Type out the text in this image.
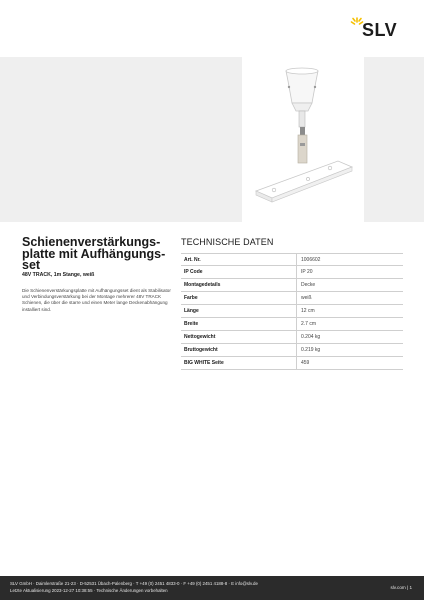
SLV
Schienenverstärkungs-
platte mit Aufhängungs-
set
48V TRACK, 1m Stange, weiß
Die Schienenverstärkungsplatte mit Aufhängungsset dient als Stabilisator und Verbindungsverstärkung bei der Montage mehrerer 48V TRACK Schienen, die über die starre und einen Meter lange Deckenabhängung installiert sind.
TECHNISCHE DATEN
Art. Nr.	1006602
IP Code	IP 20
Montagedetails	Decke
Farbe	weiß
Länge	12 cm
Breite	2.7 cm
Nettogewicht	0.204 kg
Bruttogewicht	0.219 kg
BIG WHITE Seite	459
SLV GmbH · Daimlerstraße 21-23 · D-52531 Übach-Palenberg · T +49 (0) 2451 4833-0 · F +49 (0) 2451 4188-8 · E info@slv.de
Letzte Aktualisierung 2023-12-27 10:38:55 · Technische Änderungen vorbehalten
slv.com | 1
